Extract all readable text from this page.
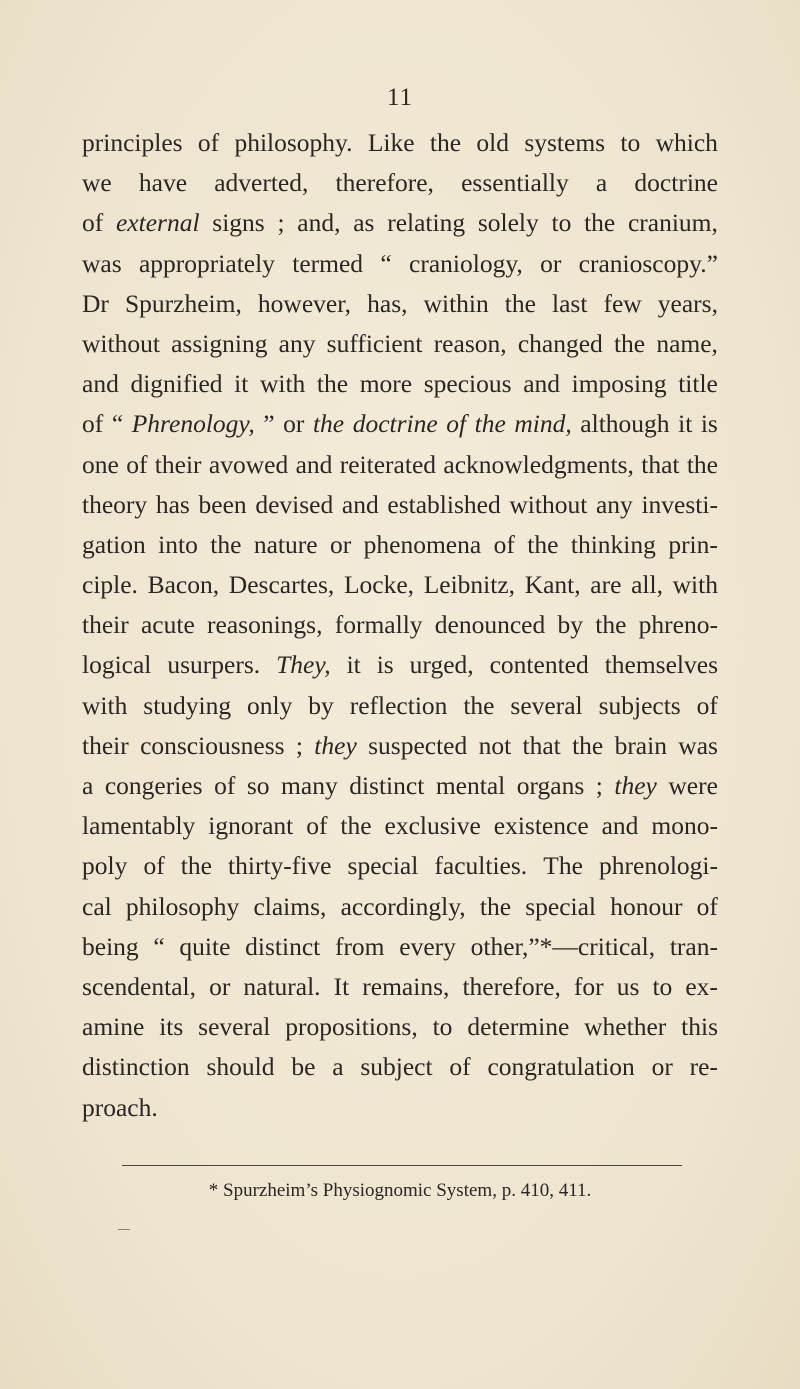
11
principles of philosophy. Like the old systems to which
we have adverted, therefore, essentially a doctrine
of external signs ; and, as relating solely to the cranium,
was appropriately termed “ craniology, or cranioscopy.”
Dr Spurzheim, however, has, within the last few years,
without assigning any sufficient reason, changed the name,
and dignified it with the more specious and imposing title
of “ Phrenology, ” or the doctrine of the mind, although it is
one of their avowed and reiterated acknowledgments, that the
theory has been devised and established without any investi-
gation into the nature or phenomena of the thinking prin-
ciple. Bacon, Descartes, Locke, Leibnitz, Kant, are all, with
their acute reasonings, formally denounced by the phreno-
logical usurpers. They, it is urged, contented themselves
with studying only by reflection the several subjects of
their consciousness ; they suspected not that the brain was
a congeries of so many distinct mental organs ; they were
lamentably ignorant of the exclusive existence and mono-
poly of the thirty-five special faculties. The phrenologi-
cal philosophy claims, accordingly, the special honour of
being “ quite distinct from every other,”*—critical, tran-
scendental, or natural. It remains, therefore, for us to ex-
amine its several propositions, to determine whether this
distinction should be a subject of congratulation or re-
proach.
* Spurzheim’s Physiognomic System, p. 410, 411.
